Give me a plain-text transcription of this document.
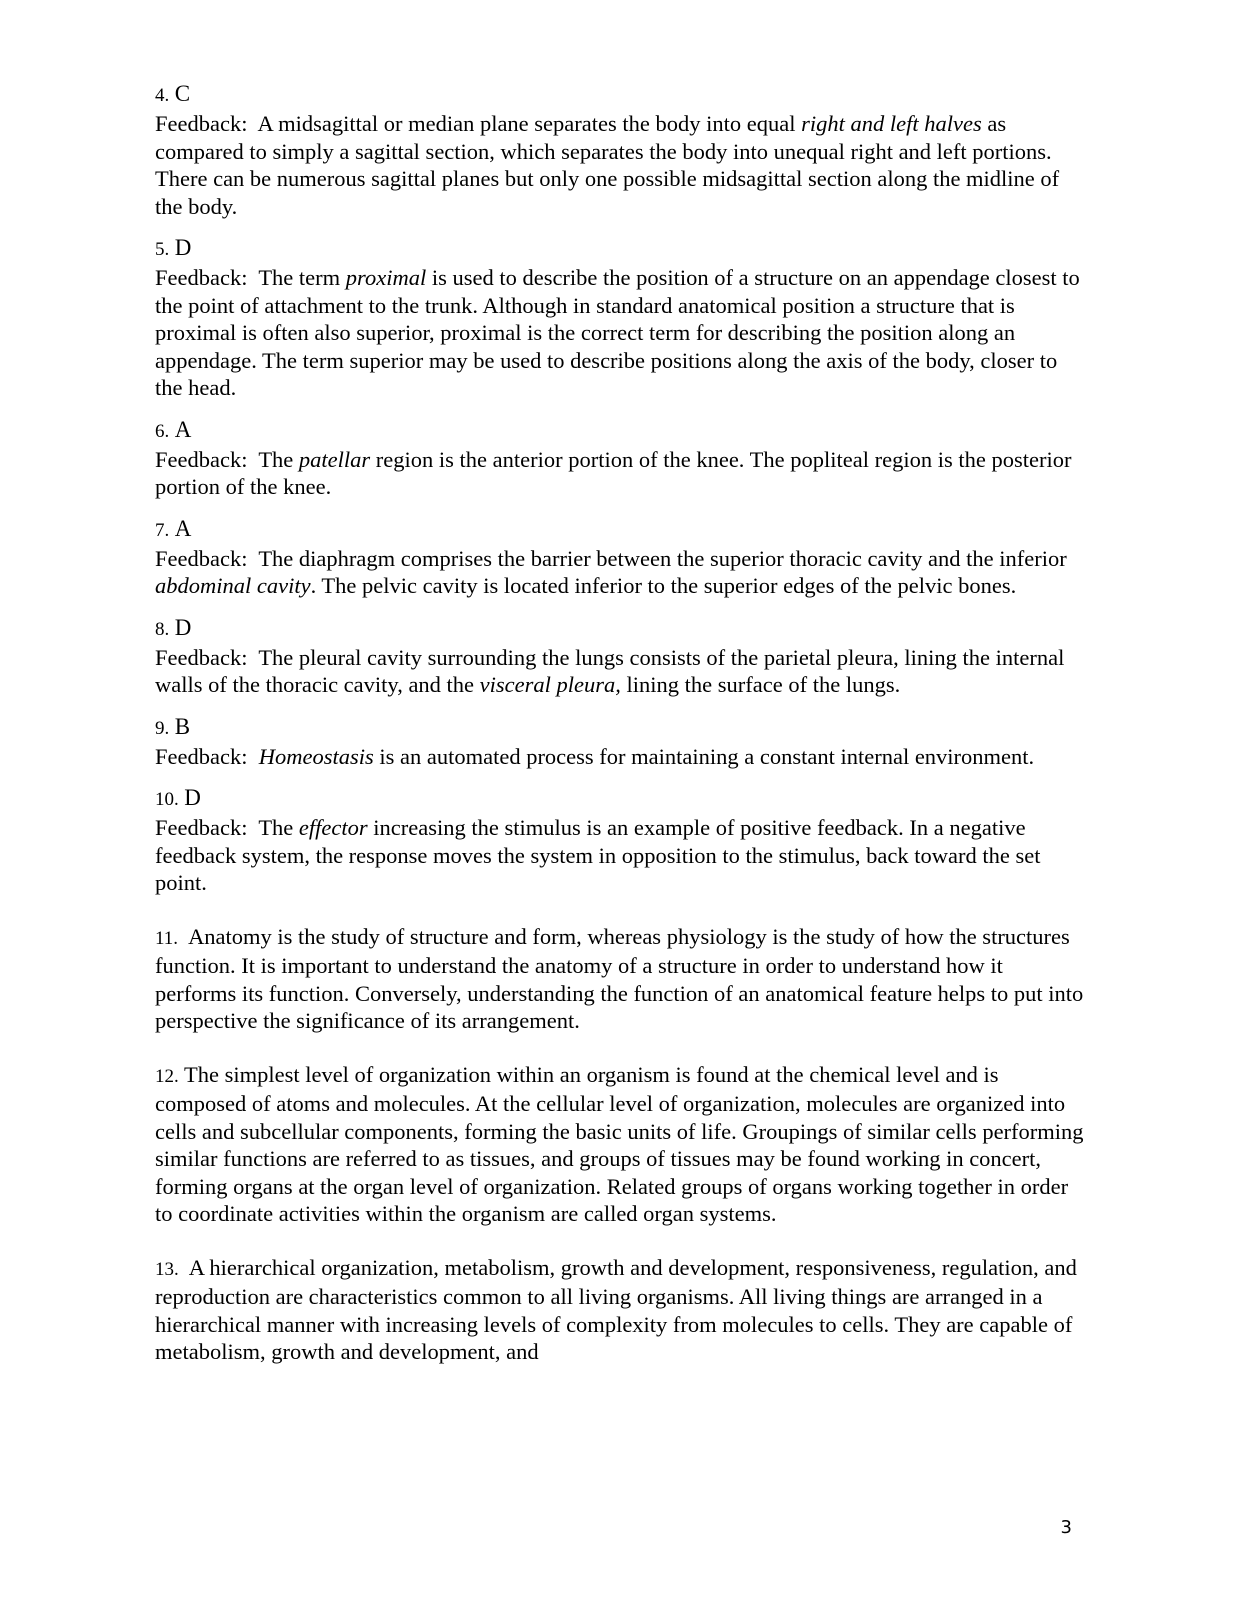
4. C

Feedback: A midsagittal or median plane separates the body into equal right and left halves as compared to simply a sagittal section, which separates the body into unequal right and left portions. There can be numerous sagittal planes but only one possible midsagittal section along the midline of the body.

5. D

Feedback: The term proximal is used to describe the position of a structure on an appendage closest to the point of attachment to the trunk. Although in standard anatomical position a structure that is proximal is often also superior, proximal is the correct term for describing the position along an appendage. The term superior may be used to describe positions along the axis of the body, closer to the head.

6. A

Feedback: The patellar region is the anterior portion of the knee. The popliteal region is the posterior portion of the knee.

7. A

Feedback: The diaphragm comprises the barrier between the superior thoracic cavity and the inferior abdominal cavity. The pelvic cavity is located inferior to the superior edges of the pelvic bones.

8. D

Feedback: The pleural cavity surrounding the lungs consists of the parietal pleura, lining the internal walls of the thoracic cavity, and the visceral pleura, lining the surface of the lungs.

9. B

Feedback: Homeostasis is an automated process for maintaining a constant internal environment.

10. D

Feedback: The effector increasing the stimulus is an example of positive feedback. In a negative feedback system, the response moves the system in opposition to the stimulus, back toward the set point.

11. Anatomy is the study of structure and form, whereas physiology is the study of how the structures function. It is important to understand the anatomy of a structure in order to understand how it performs its function. Conversely, understanding the function of an anatomical feature helps to put into perspective the significance of its arrangement.

12. The simplest level of organization within an organism is found at the chemical level and is composed of atoms and molecules. At the cellular level of organization, molecules are organized into cells and subcellular components, forming the basic units of life. Groupings of similar cells performing similar functions are referred to as tissues, and groups of tissues may be found working in concert, forming organs at the organ level of organization. Related groups of organs working together in order to coordinate activities within the organism are called organ systems.

13. A hierarchical organization, metabolism, growth and development, responsiveness, regulation, and reproduction are characteristics common to all living organisms. All living things are arranged in a hierarchical manner with increasing levels of complexity from molecules to cells. They are capable of metabolism, growth and development, and

3
